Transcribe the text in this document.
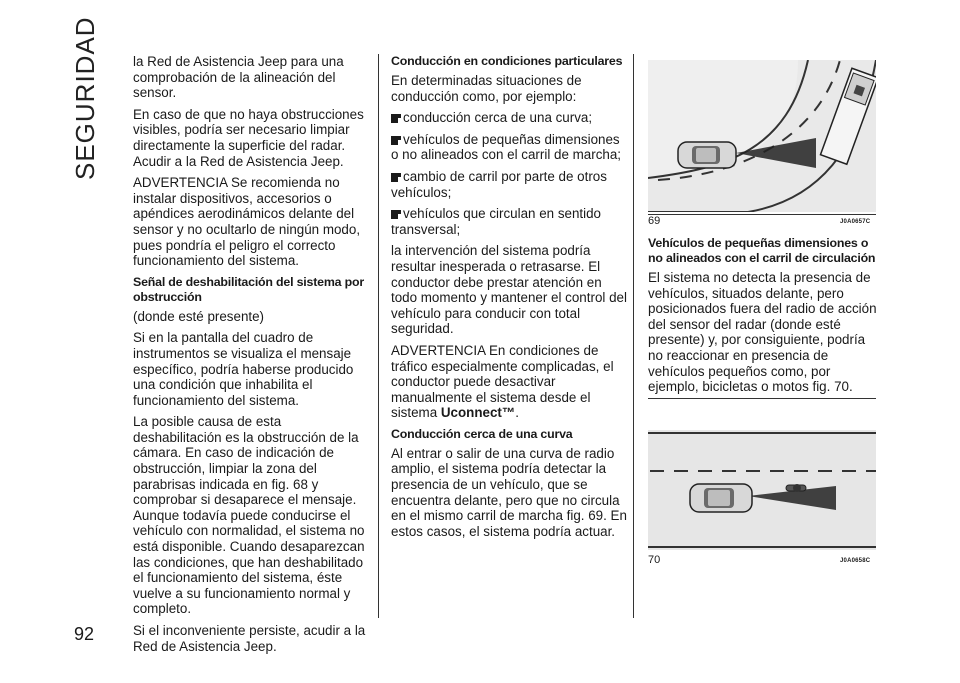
SEGURIDAD
92

la Red de Asistencia Jeep para una comprobación de la alineación del sensor.

En caso de que no haya obstrucciones visibles, podría ser necesario limpiar directamente la superficie del radar. Acudir a la Red de Asistencia Jeep.

ADVERTENCIA Se recomienda no instalar dispositivos, accesorios o apéndices aerodinámicos delante del sensor y no ocultarlo de ningún modo, pues pondría el peligro el correcto funcionamiento del sistema.

Señal de deshabilitación del sistema por obstrucción

(donde esté presente)

Si en la pantalla del cuadro de instrumentos se visualiza el mensaje específico, podría haberse producido una condición que inhabilita el funcionamiento del sistema.

La posible causa de esta deshabilitación es la obstrucción de la cámara. En caso de indicación de obstrucción, limpiar la zona del parabrisas indicada en fig. 68 y comprobar si desaparece el mensaje. Aunque todavía puede conducirse el vehículo con normalidad, el sistema no está disponible. Cuando desaparezcan las condiciones, que han deshabilitado el funcionamiento del sistema, éste vuelve a su funcionamiento normal y completo.

Si el inconveniente persiste, acudir a la Red de Asistencia Jeep.

Conducción en condiciones particulares

En determinadas situaciones de conducción como, por ejemplo:

conducción cerca de una curva;

vehículos de pequeñas dimensiones o no alineados con el carril de marcha;

cambio de carril por parte de otros vehículos;

vehículos que circulan en sentido transversal;

la intervención del sistema podría resultar inesperada o retrasarse. El conductor debe prestar atención en todo momento y mantener el control del vehículo para conducir con total seguridad.

ADVERTENCIA En condiciones de tráfico especialmente complicadas, el conductor puede desactivar manualmente el sistema desde el sistema Uconnect™.

Conducción cerca de una curva

Al entrar o salir de una curva de radio amplio, el sistema podría detectar la presencia de un vehículo, que se encuentra delante, pero que no circula en el mismo carril de marcha fig. 69. En estos casos, el sistema podría actuar.

69	J0A0657C

Vehículos de pequeñas dimensiones o no alineados con el carril de circulación

El sistema no detecta la presencia de vehículos, situados delante, pero posicionados fuera del radio de acción del sensor del radar (donde esté presente) y, por consiguiente, podría no reaccionar en presencia de vehículos pequeños como, por ejemplo, bicicletas o motos fig. 70.

70	J0A0658C
